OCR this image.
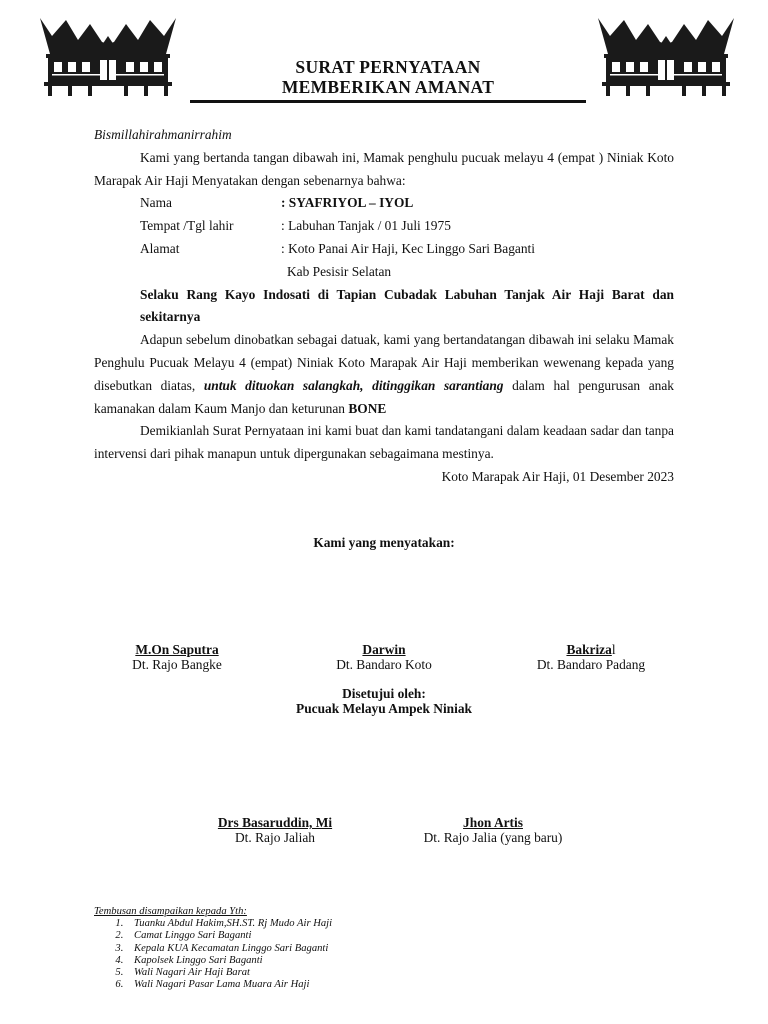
SURAT PERNYATAAN
MEMBERIKAN AMANAT

Bismillahirahmanirrahim

Kami yang bertanda tangan dibawah ini, Mamak penghulu pucuak melayu 4 (empat ) Niniak Koto Marapak Air Haji Menyatakan dengan sebenarnya bahwa:

Nama	: SYAFRIYOL – IYOL
Tempat /Tgl lahir	: Labuhan Tanjak / 01 Juli 1975
Alamat	: Koto Panai Air Haji, Kec Linggo Sari Baganti
Kab Pesisir Selatan

Selaku Rang Kayo Indosati di Tapian Cubadak Labuhan Tanjak Air Haji Barat dan sekitarnya

Adapun sebelum dinobatkan sebagai datuak, kami yang bertandatangan dibawah ini selaku Mamak Penghulu Pucuak Melayu 4 (empat) Niniak Koto Marapak Air Haji memberikan wewenang kepada yang disebutkan diatas, untuk dituokan salangkah, ditinggikan sarantiang dalam hal pengurusan anak kamanakan dalam Kaum Manjo dan keturunan BONE

Demikianlah Surat Pernyataan ini kami buat dan kami tandatangani dalam keadaan sadar dan tanpa intervensi dari pihak manapun untuk dipergunakan sebagaimana mestinya.

Koto Marapak Air Haji, 01 Desember 2023

Kami yang menyatakan:
M.On Saputra
Dt. Rajo Bangke
Darwin
Dt. Bandaro Koto
Bakrizal
Dt. Bandaro Padang
Disetujui oleh:
Pucuak Melayu Ampek Niniak
Drs Basaruddin, Mi
Dt. Rajo Jaliah
Jhon Artis
Dt. Rajo Jalia (yang baru)
Tembusan disampaikan kepada Yth:
1. Tuanku Abdul Hakim,SH.ST. Rj Mudo Air Haji
2. Camat Linggo Sari Baganti
3. Kepala KUA Kecamatan Linggo Sari Baganti
4. Kapolsek Linggo Sari Baganti
5. Wali Nagari Air Haji Barat
6. Wali Nagari Pasar Lama Muara Air Haji
